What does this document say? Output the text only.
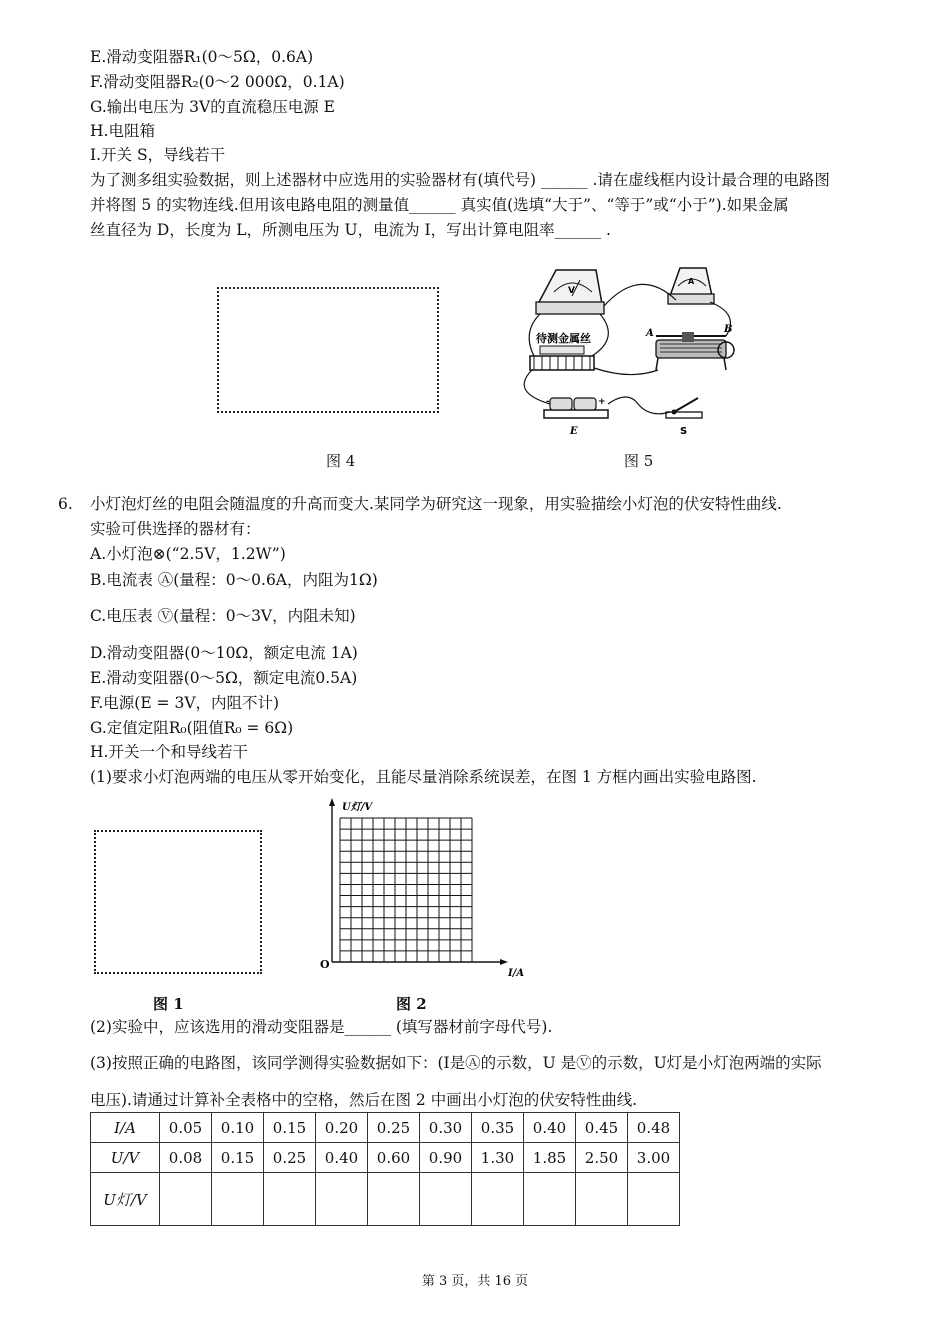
E.滑动变阻器R₁(0～5Ω，0.6A)
F.滑动变阻器R₂(0～2 000Ω，0.1A)
G.输出电压为 3V的直流稳压电源 E
H.电阻箱
I.开关 S，导线若干
为了测多组实验数据，则上述器材中应选用的实验器材有(填代号) ______ .请在虚线框内设计最合理的电路图
并将图 5 的实物连线.但用该电路电阻的测量值______ 真实值(选填“大于”、“等于”或“小于”).如果金属
丝直径为 D，长度为 L，所测电压为 U，电流为 I，写出计算电阻率______ .
图 4
V
A
待测金属丝	A	B
-	+
E	S
图 5
6. 小灯泡灯丝的电阻会随温度的升高而变大.某同学为研究这一现象，用实验描绘小灯泡的伏安特性曲线.
实验可供选择的器材有：
A.小灯泡⊗(“2.5V，1.2W”)
B.电流表 Ⓐ(量程：0～0.6A，内阻为1Ω)
C.电压表 Ⓥ(量程：0～3V，内阻未知)
D.滑动变阻器(0～10Ω，额定电流 1A)
E.滑动变阻器(0～5Ω，额定电流0.5A)
F.电源(E = 3V，内阻不计)
G.定值定阻R₀(阻值R₀ = 6Ω)
H.开关一个和导线若干
(1)要求小灯泡两端的电压从零开始变化，且能尽量消除系统误差，在图 1 方框内画出实验电路图.
图 1
U灯/V
I/A
O
图 2
(2)实验中，应该选用的滑动变阻器是______ (填写器材前字母代号).
(3)按照正确的电路图，该同学测得实验数据如下：(I是Ⓐ的示数，U 是Ⓥ的示数，U灯是小灯泡两端的实际
电压).请通过计算补全表格中的空格，然后在图 2 中画出小灯泡的伏安特性曲线.
I/A	0.05	0.10	0.15	0.20	0.25	0.30	0.35	0.40	0.45	0.48
U/V	0.08	0.15	0.25	0.40	0.60	0.90	1.30	1.85	2.50	3.00
U灯/V										
第 3 页，共 16 页
